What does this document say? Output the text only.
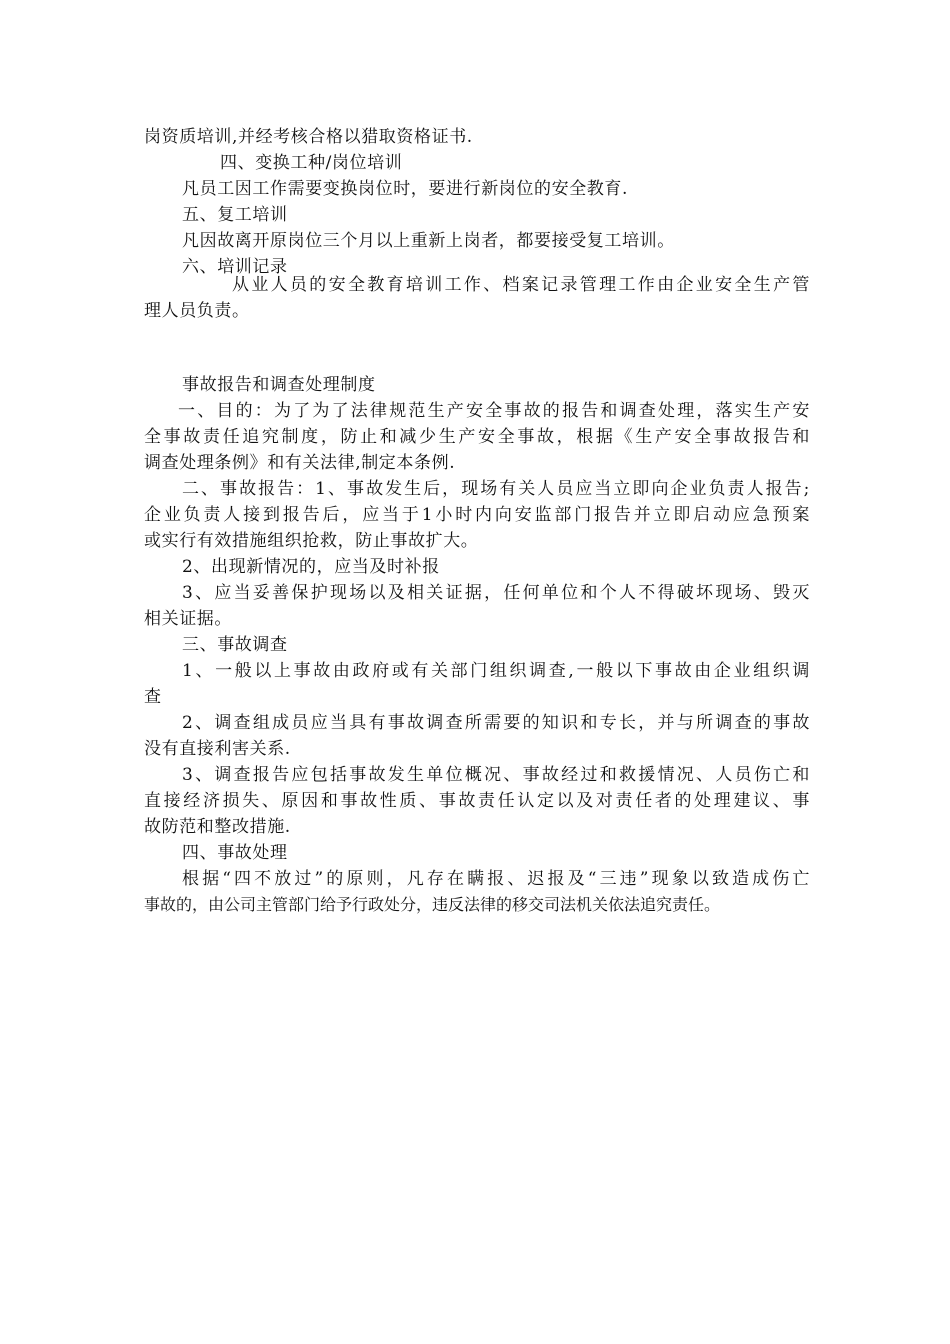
岗资质培训,并经考核合格以猎取资格证书.
四、变换工种/岗位培训
凡员工因工作需要变换岗位时，要进行新岗位的安全教育.
五、复工培训
凡因故离开原岗位三个月以上重新上岗者，都要接受复工培训。
六、培训记录
从业人员的安全教育培训工作、档案记录管理工作由企业安全生产管
理人员负责。
事故报告和调查处理制度
一、目的：为了为了法律规范生产安全事故的报告和调查处理，落实生产安
全事故责任追究制度，防止和减少生产安全事故，根据《生产安全事故报告和
调查处理条例》和有关法律,制定本条例.
二、事故报告：1、事故发生后，现场有关人员应当立即向企业负责人报告;
企业负责人接到报告后，应当于1小时内向安监部门报告并立即启动应急预案
或实行有效措施组织抢救，防止事故扩大。
2、出现新情况的，应当及时补报
3、应当妥善保护现场以及相关证据，任何单位和个人不得破坏现场、毁灭
相关证据。
三、事故调查
1、一般以上事故由政府或有关部门组织调查,一般以下事故由企业组织调
查
2、调查组成员应当具有事故调查所需要的知识和专长，并与所调查的事故
没有直接利害关系.
3、调查报告应包括事故发生单位概况、事故经过和救援情况、人员伤亡和
直接经济损失、原因和事故性质、事故责任认定以及对责任者的处理建议、事
故防范和整改措施.
四、事故处理
根据“四不放过”的原则，凡存在瞒报、迟报及“三违”现象以致造成伤亡
事故的，由公司主管部门给予行政处分，违反法律的移交司法机关依法追究责任。
